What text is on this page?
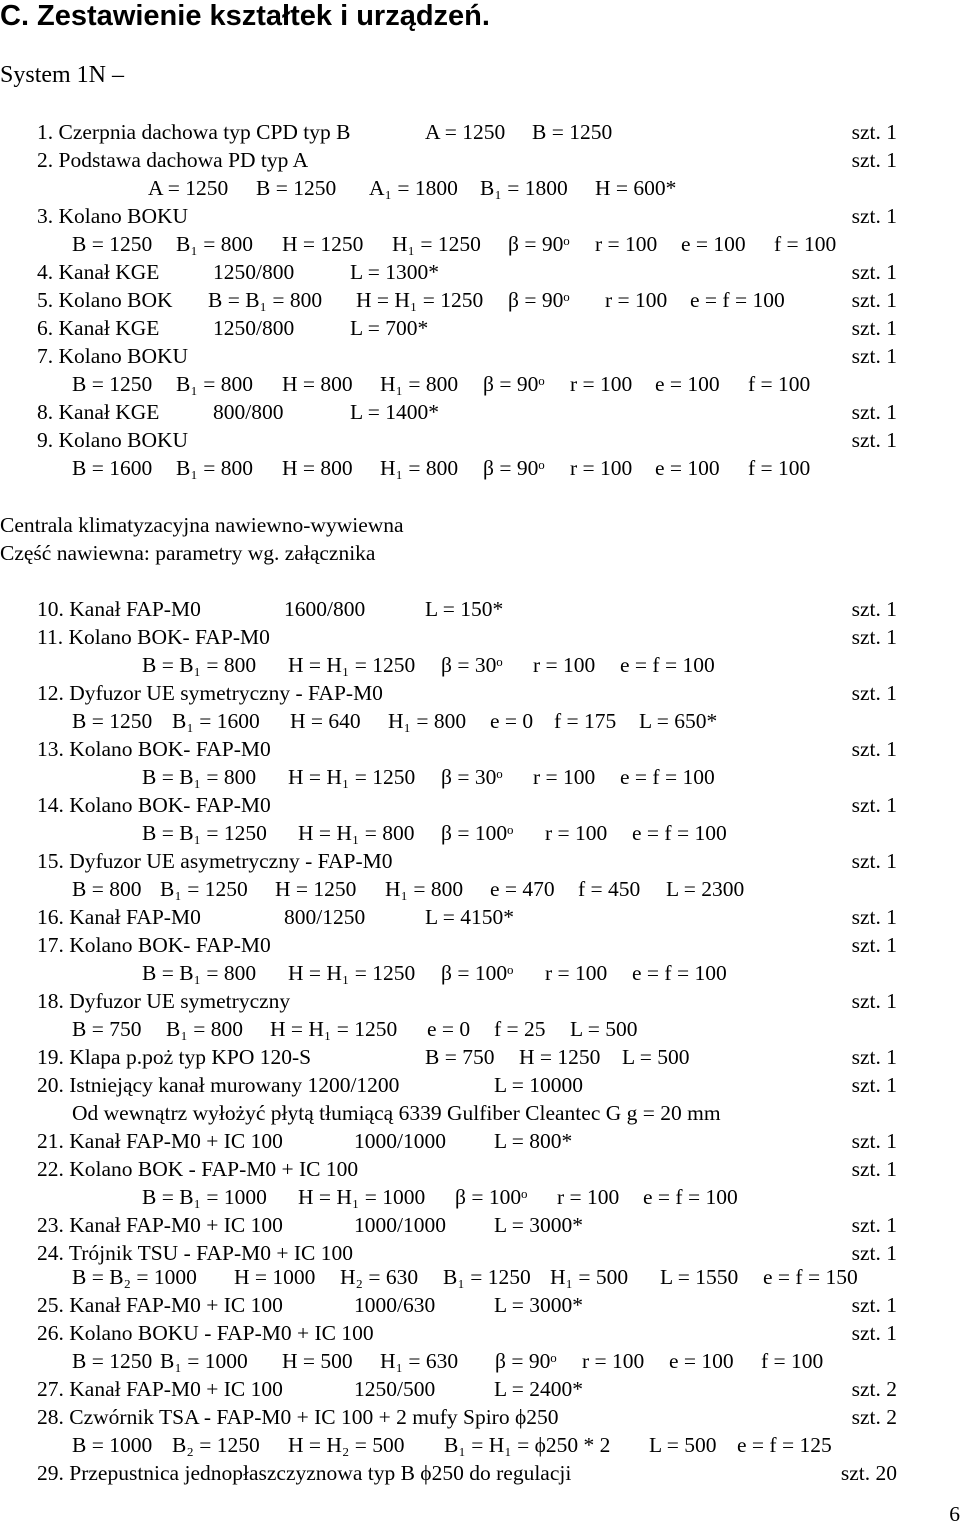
C. Zestawienie kształtek i urządzeń.
System 1N –
1. Czerpnia dachowa typ CPD typ B	A = 1250 B = 1250	szt. 1
2. Podstawa dachowa PD typ A	szt. 1
A = 1250 B = 1250 A₁ = 1800 B₁ = 1800 H = 600*
3. Kolano BOKU	szt. 1
B = 1250 B₁ = 800 H = 1250 H₁ = 1250 β = 90ᵒ r = 100 e = 100 f = 100
4. Kanał KGE 1250/800	L = 1300*	szt. 1
5. Kolano BOK B = B₁ = 800 H = H₁ = 1250 β = 90ᵒ r = 100 e = f = 100	szt. 1
6. Kanał KGE 1250/800	L = 700*	szt. 1
7. Kolano BOKU	szt. 1
B = 1250 B₁ = 800 H = 800 H₁ = 800 β = 90ᵒ r = 100 e = 100 f = 100
8. Kanał KGE 800/800	L = 1400*	szt. 1
9. Kolano BOKU	szt. 1
B = 1600 B₁ = 800 H = 800 H₁ = 800 β = 90ᵒ r = 100 e = 100 f = 100
10. Kanał FAP-M0	1600/800	L = 150*	szt. 1
11. Kolano BOK- FAP-M0	szt. 1
B = B₁ = 800 H = H₁ = 1250 β = 30ᵒ r = 100 e = f = 100
12. Dyfuzor UE symetryczny - FAP-M0	szt. 1
B = 1250 B₁ = 1600 H = 640 H₁ = 800 e = 0 f = 175 L = 650*
13. Kolano BOK- FAP-M0	szt. 1
B = B₁ = 800 H = H₁ = 1250 β = 30ᵒ r = 100 e = f = 100
14. Kolano BOK- FAP-M0	szt. 1
B = B₁ = 1250 H = H₁ = 800 β = 100ᵒ r = 100 e = f = 100
15. Dyfuzor UE asymetryczny - FAP-M0	szt. 1
B = 800 B₁ = 1250 H = 1250 H₁ = 800 e = 470 f = 450 L = 2300
16. Kanał FAP-M0	800/1250	L = 4150*	szt. 1
17. Kolano BOK- FAP-M0	szt. 1
B = B₁ = 800 H = H₁ = 1250 β = 100ᵒ r = 100 e = f = 100
18. Dyfuzor UE symetryczny	szt. 1
B = 750 B₁ = 800 H = H₁ = 1250 e = 0 f = 25 L = 500
19. Klapa p.poż typ KPO 120-S	B = 750 H = 1250 L = 500	szt. 1
20. Istniejący kanał murowany 1200/1200	L = 10000	szt. 1
Od wewnątrz wyłożyć płytą tłumiącą 6339 Gulfiber Cleantec G g = 20 mm
21. Kanał FAP-M0 + IC 100	1000/1000 L = 800*	szt. 1
22. Kolano BOK - FAP-M0 + IC 100	szt. 1
B = B₁ = 1000 H = H₁ = 1000 β = 100ᵒ r = 100 e = f = 100
23. Kanał FAP-M0 + IC 100	1000/1000 L = 3000*	szt. 1
24. Trójnik TSU - FAP-M0 + IC 100	szt. 1
B = B₂ = 1000 H = 1000 H₂ = 630 B₁ = 1250 H₁ = 500 L = 1550 e = f = 150
25. Kanał FAP-M0 + IC 100	1000/630	L = 3000*	szt. 1
26. Kolano BOKU - FAP-M0 + IC 100	szt. 1
B = 1250 B₁ = 1000 H = 500 H₁ = 630 β = 90ᵒ r = 100 e = 100 f = 100
27. Kanał FAP-M0 + IC 100	1250/500	L = 2400*	szt. 2
28. Czwórnik TSA - FAP-M0 + IC 100 + 2 mufy Spiro ϕ250	szt. 2
B = 1000 B₂ = 1250 H = H₂ = 500 B₁ = H₁ = ϕ250 * 2 L = 500 e = f = 125
29. Przepustnica jednopłaszczyznowa typ B ϕ250 do regulacji	szt. 20
Centrala klimatyzacyjna nawiewno-wywiewna
Część nawiewna: parametry wg. załącznika
6
